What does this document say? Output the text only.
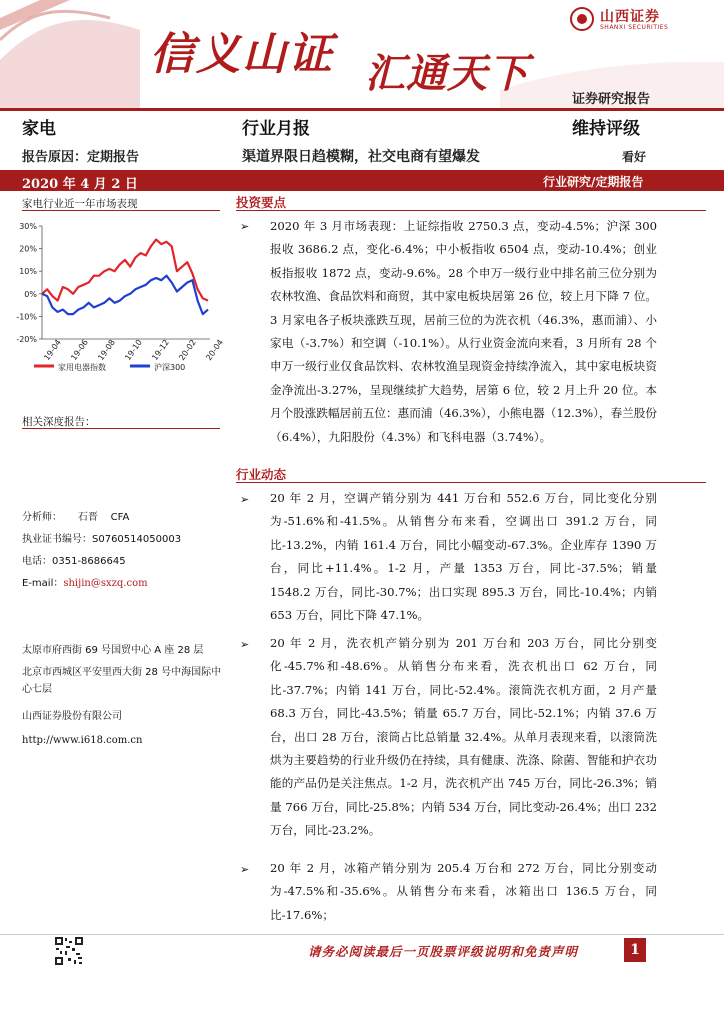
信义山证 汇通天下
山西证券
SHANXI SECURITIES
证券研究报告
家电	行业月报	维持评级
报告原因：定期报告	渠道界限日趋模糊，社交电商有望爆发	看好
2020 年 4 月 2 日	行业研究/定期报告
家电行业近一年市场表现
30%
20%
10%
0%
-10%
-20% 19-04 19-06 19-08 19-10 19-12 20-02 20-04
家用电器指数	沪深300
相关深度报告：
分析师： 石晋 CFA
执业证书编号：S0760514050003
电话：0351-8686645
E-mail：shijin@sxzq.com
太原市府西街 69 号国贸中心 A 座 28 层
北京市西城区平安里西大街 28 号中海国际中心七层
山西证券股份有限公司
http://www.i618.com.cn
投资要点
➢	2020 年 3 月市场表现：上证综指收 2750.3 点，变动-4.5%；沪深 300 报收 3686.2 点，变化-6.4%；中小板指收 6504 点，变动-10.4%；创业板指报收 1872 点，变动-9.6%。28 个申万一级行业中排名前三位分别为农林牧渔、食品饮料和商贸，其中家电板块居第 26 位，较上月下降 7 位。3 月家电各子板块涨跌互现，居前三位的为洗衣机（46.3%，惠而浦）、小家电（-3.7%）和空调（-10.1%）。从行业资金流向来看，3 月所有 28 个申万一级行业仅食品饮料、农林牧渔呈现资金持续净流入，其中家电板块资金净流出-3.27%，呈现继续扩大趋势，居第 6 位，较 2 月上升 20 位。本月个股涨跌幅居前五位：惠而浦（46.3%），小熊电器（12.3%），春兰股份（6.4%），九阳股份（4.3%）和飞科电器（3.74%）。
行业动态
➢	20 年 2 月，空调产销分别为 441 万台和 552.6 万台，同比变化分别为-51.6%和-41.5%。从销售分布来看，空调出口 391.2 万台，同比-13.2%，内销 161.4 万台，同比小幅变动-67.3%。企业库存 1390 万台，同比+11.4%。1-2 月，产量 1353 万台，同比-37.5%；销量 1548.2 万台，同比-30.7%；出口实现 895.3 万台，同比-10.4%；内销 653 万台，同比下降 47.1%。
➢	20 年 2 月，洗衣机产销分别为 201 万台和 203 万台，同比分别变化-45.7%和-48.6%。从销售分布来看，洗衣机出口 62 万台，同比-37.7%；内销 141 万台，同比-52.4%。滚筒洗衣机方面，2 月产量 68.3 万台，同比-43.5%；销量 65.7 万台，同比-52.1%；内销 37.6 万台，出口 28 万台，滚筒占比总销量 32.4%。从单月表现来看，以滚筒洗烘为主要趋势的行业升级仍在持续，具有健康、洗涤、除菌、智能和护衣功能的产品仍是关注焦点。1-2 月，洗衣机产出 745 万台，同比-26.3%；销量 766 万台，同比-25.8%；内销 534 万台，同比变动-26.4%；出口 232 万台，同比-23.2%。
➢	20 年 2 月，冰箱产销分别为 205.4 万台和 272 万台，同比分别变动为-47.5%和-35.6%。从销售分布来看，冰箱出口 136.5 万台，同比-17.6%；
请务必阅读最后一页股票评级说明和免责声明	1
